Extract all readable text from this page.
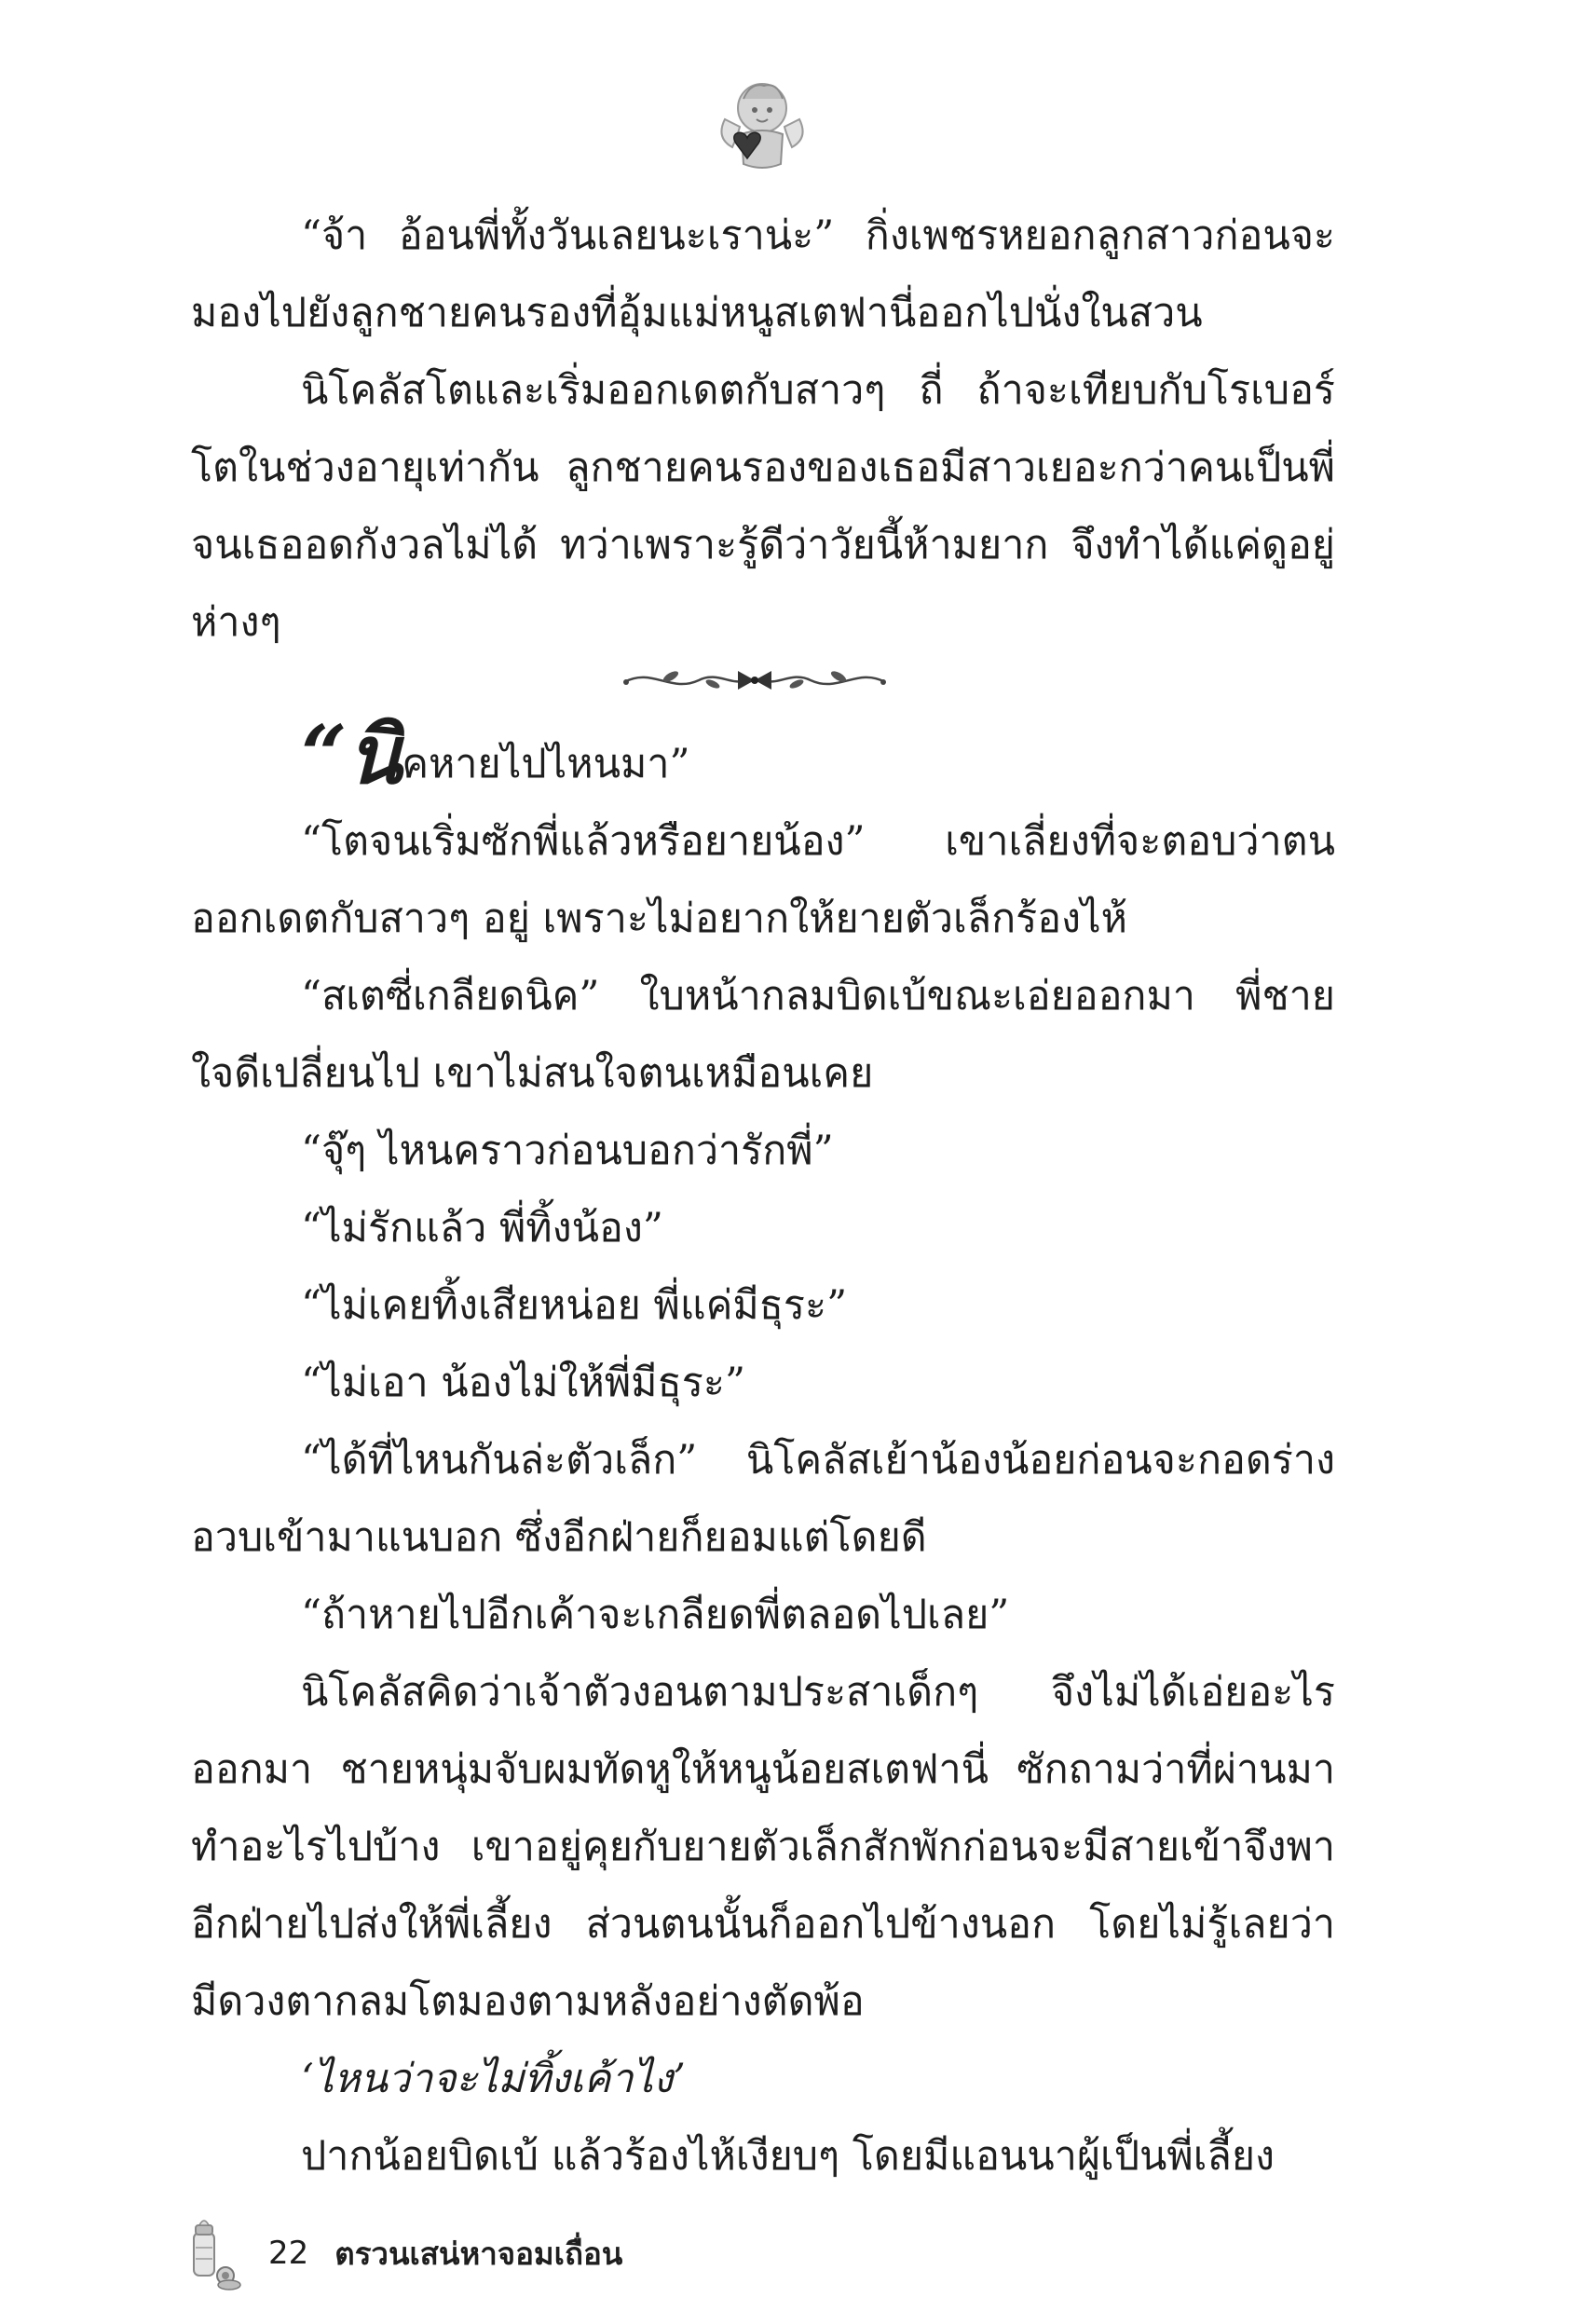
“จ้า อ้อนพี่ทั้งวันเลยนะเราน่ะ” กิ่งเพชรหยอกลูกสาวก่อนจะมองไปยังลูกชายคนรองที่อุ้มแม่หนูสเตฟานี่ออกไปนั่งในสวน

นิโคลัสโตและเริ่มออกเดตกับสาวๆ ถี่ ถ้าจะเทียบกับโรเบอร์โตในช่วงอายุเท่ากัน ลูกชายคนรองของเธอมีสาวเยอะกว่าคนเป็นพี่จนเธออดกังวลไม่ได้ ทว่าเพราะรู้ดีว่าวัยนี้ห้ามยาก จึงทำได้แค่ดูอยู่ห่างๆ

“นิคหายไปไหนมา”

“โตจนเริ่มซักพี่แล้วหรือยายน้อง” เขาเลี่ยงที่จะตอบว่าตนออกเดตกับสาวๆ อยู่ เพราะไม่อยากให้ยายตัวเล็กร้องไห้

“สเตซี่เกลียดนิค” ใบหน้ากลมบิดเบ้ขณะเอ่ยออกมา พี่ชายใจดีเปลี่ยนไป เขาไม่สนใจตนเหมือนเคย

“จุ๊ๆ ไหนคราวก่อนบอกว่ารักพี่”

“ไม่รักแล้ว พี่ทิ้งน้อง”

“ไม่เคยทิ้งเสียหน่อย พี่แค่มีธุระ”

“ไม่เอา น้องไม่ให้พี่มีธุระ”

“ได้ที่ไหนกันล่ะตัวเล็ก” นิโคลัสเย้าน้องน้อยก่อนจะกอดร่างอวบเข้ามาแนบอก ซึ่งอีกฝ่ายก็ยอมแต่โดยดี

“ถ้าหายไปอีกเค้าจะเกลียดพี่ตลอดไปเลย”

นิโคลัสคิดว่าเจ้าตัวงอนตามประสาเด็กๆ จึงไม่ได้เอ่ยอะไรออกมา ชายหนุ่มจับผมทัดหูให้หนูน้อยสเตฟานี่ ซักถามว่าที่ผ่านมาทำอะไรไปบ้าง เขาอยู่คุยกับยายตัวเล็กสักพักก่อนจะมีสายเข้าจึงพาอีกฝ่ายไปส่งให้พี่เลี้ยง ส่วนตนนั้นก็ออกไปข้างนอก โดยไม่รู้เลยว่ามีดวงตากลมโตมองตามหลังอย่างตัดพ้อ

‘ไหนว่าจะไม่ทิ้งเค้าไง’

ปากน้อยบิดเบ้ แล้วร้องไห้เงียบๆ โดยมีแอนนาผู้เป็นพี่เลี้ยง

22 ตรวนเสน่หาจอมเถื่อน
